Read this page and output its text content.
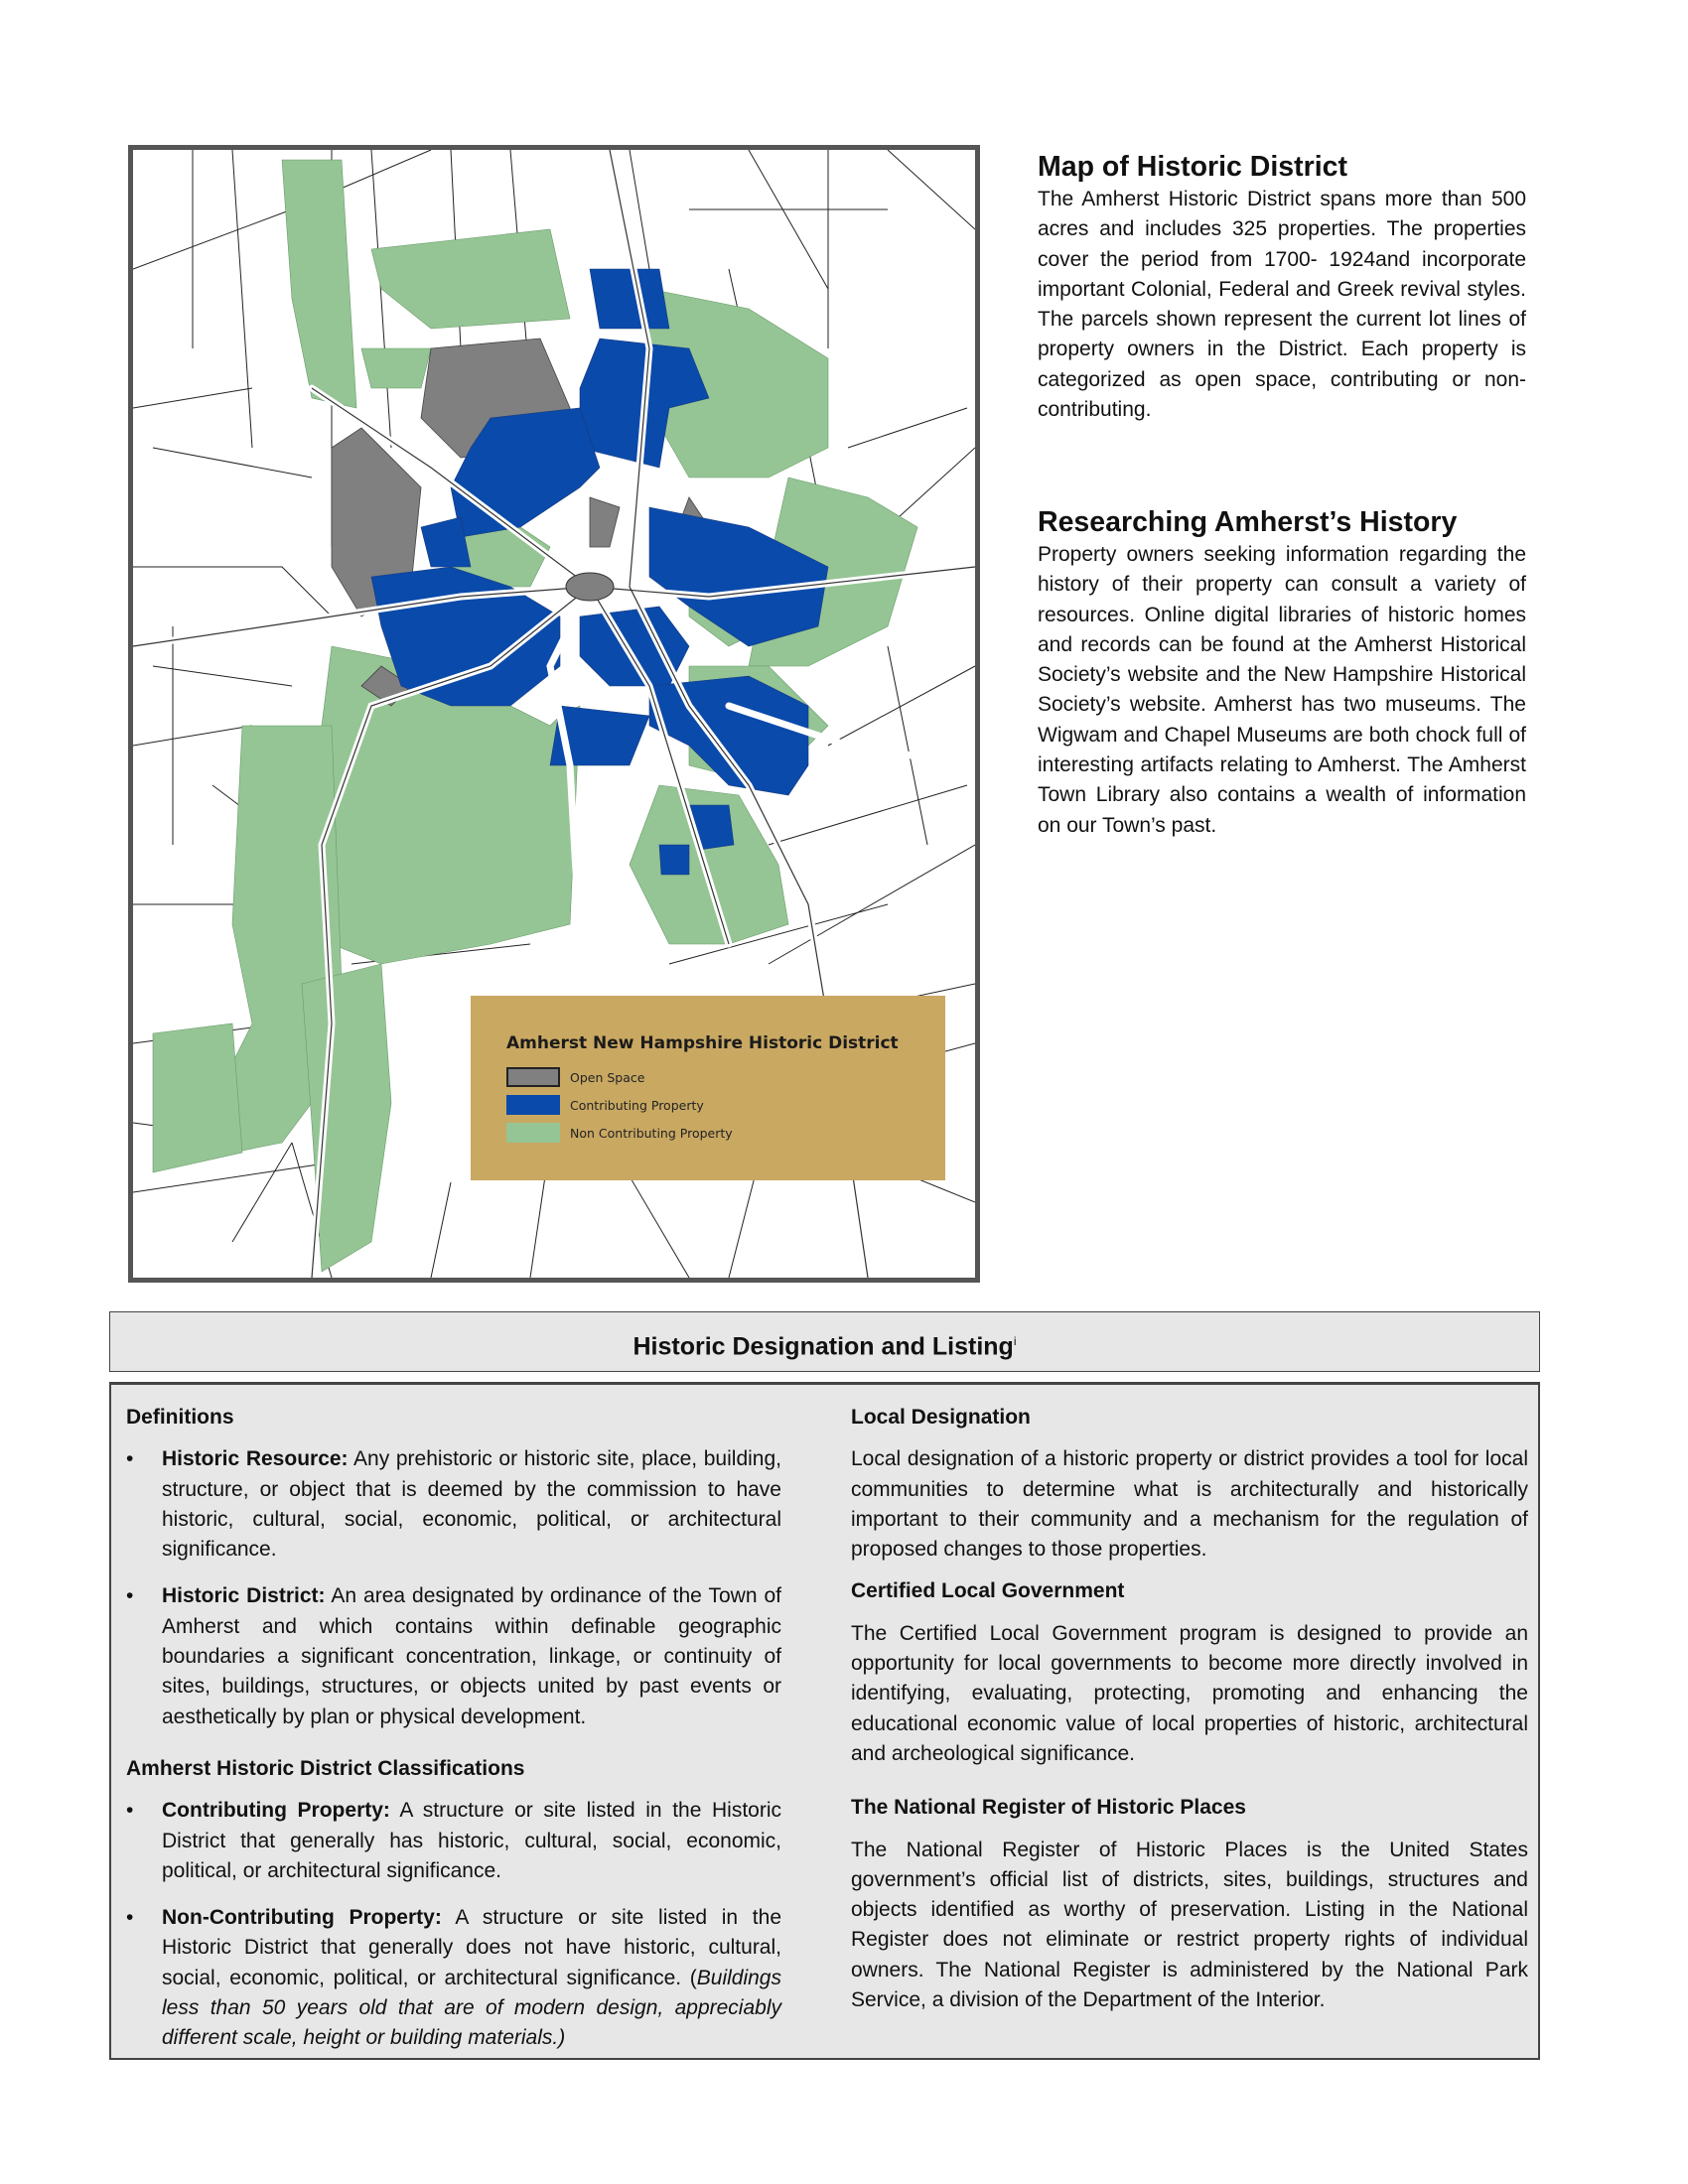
Amherst New Hampshire Historic District
Open Space
Contributing Property
Non Contributing Property
Map of Historic District

The Amherst Historic District spans more than 500 acres and includes 325 properties. The properties cover the period from 1700- 1924and incorporate important Colonial, Federal and Greek revival styles. The parcels shown represent the current lot lines of property owners in the District. Each property is categorized as open space, contributing or non-contributing.

Researching Amherst’s History

Property owners seeking information regarding the history of their property can consult a variety of resources. Online digital libraries of historic homes and records can be found at the Amherst Historical Society’s website and the New Hampshire Historical Society’s website. Amherst has two museums. The Wigwam and Chapel Museums are both chock full of interesting artifacts relating to Amherst. The Amherst Town Library also contains a wealth of information on our Town’s past.

Historic Designation and Listing$^i$
Definitions
• Historic Resource: Any prehistoric or historic site, place, building, structure, or object that is deemed by the commission to have historic, cultural, social, economic, political, or architectural significance.
• Historic District: An area designated by ordinance of the Town of Amherst and which contains within definable geographic boundaries a significant concentration, linkage, or continuity of sites, buildings, structures, or objects united by past events or aesthetically by plan or physical development.
Amherst Historic District Classifications
• Contributing Property: A structure or site listed in the Historic District that generally has historic, cultural, social, economic, political, or architectural significance.
• Non-Contributing Property: A structure or site listed in the Historic District that generally does not have historic, cultural, social, economic, political, or architectural significance. (Buildings less than 50 years old that are of modern design, appreciably different scale, height or building materials.)
Local Designation

Local designation of a historic property or district provides a tool for local communities to determine what is architecturally and historically important to their community and a mechanism for the regulation of proposed changes to those properties.

Certified Local Government

The Certified Local Government program is designed to provide an opportunity for local governments to become more directly involved in identifying, evaluating, protecting, promoting and enhancing the educational economic value of local properties of historic, architectural and archeological significance.

The National Register of Historic Places

The National Register of Historic Places is the United States government’s official list of districts, sites, buildings, structures and objects identified as worthy of preservation. Listing in the National Register does not eliminate or restrict property rights of individual owners. The National Register is administered by the National Park Service, a division of the Department of the Interior.
